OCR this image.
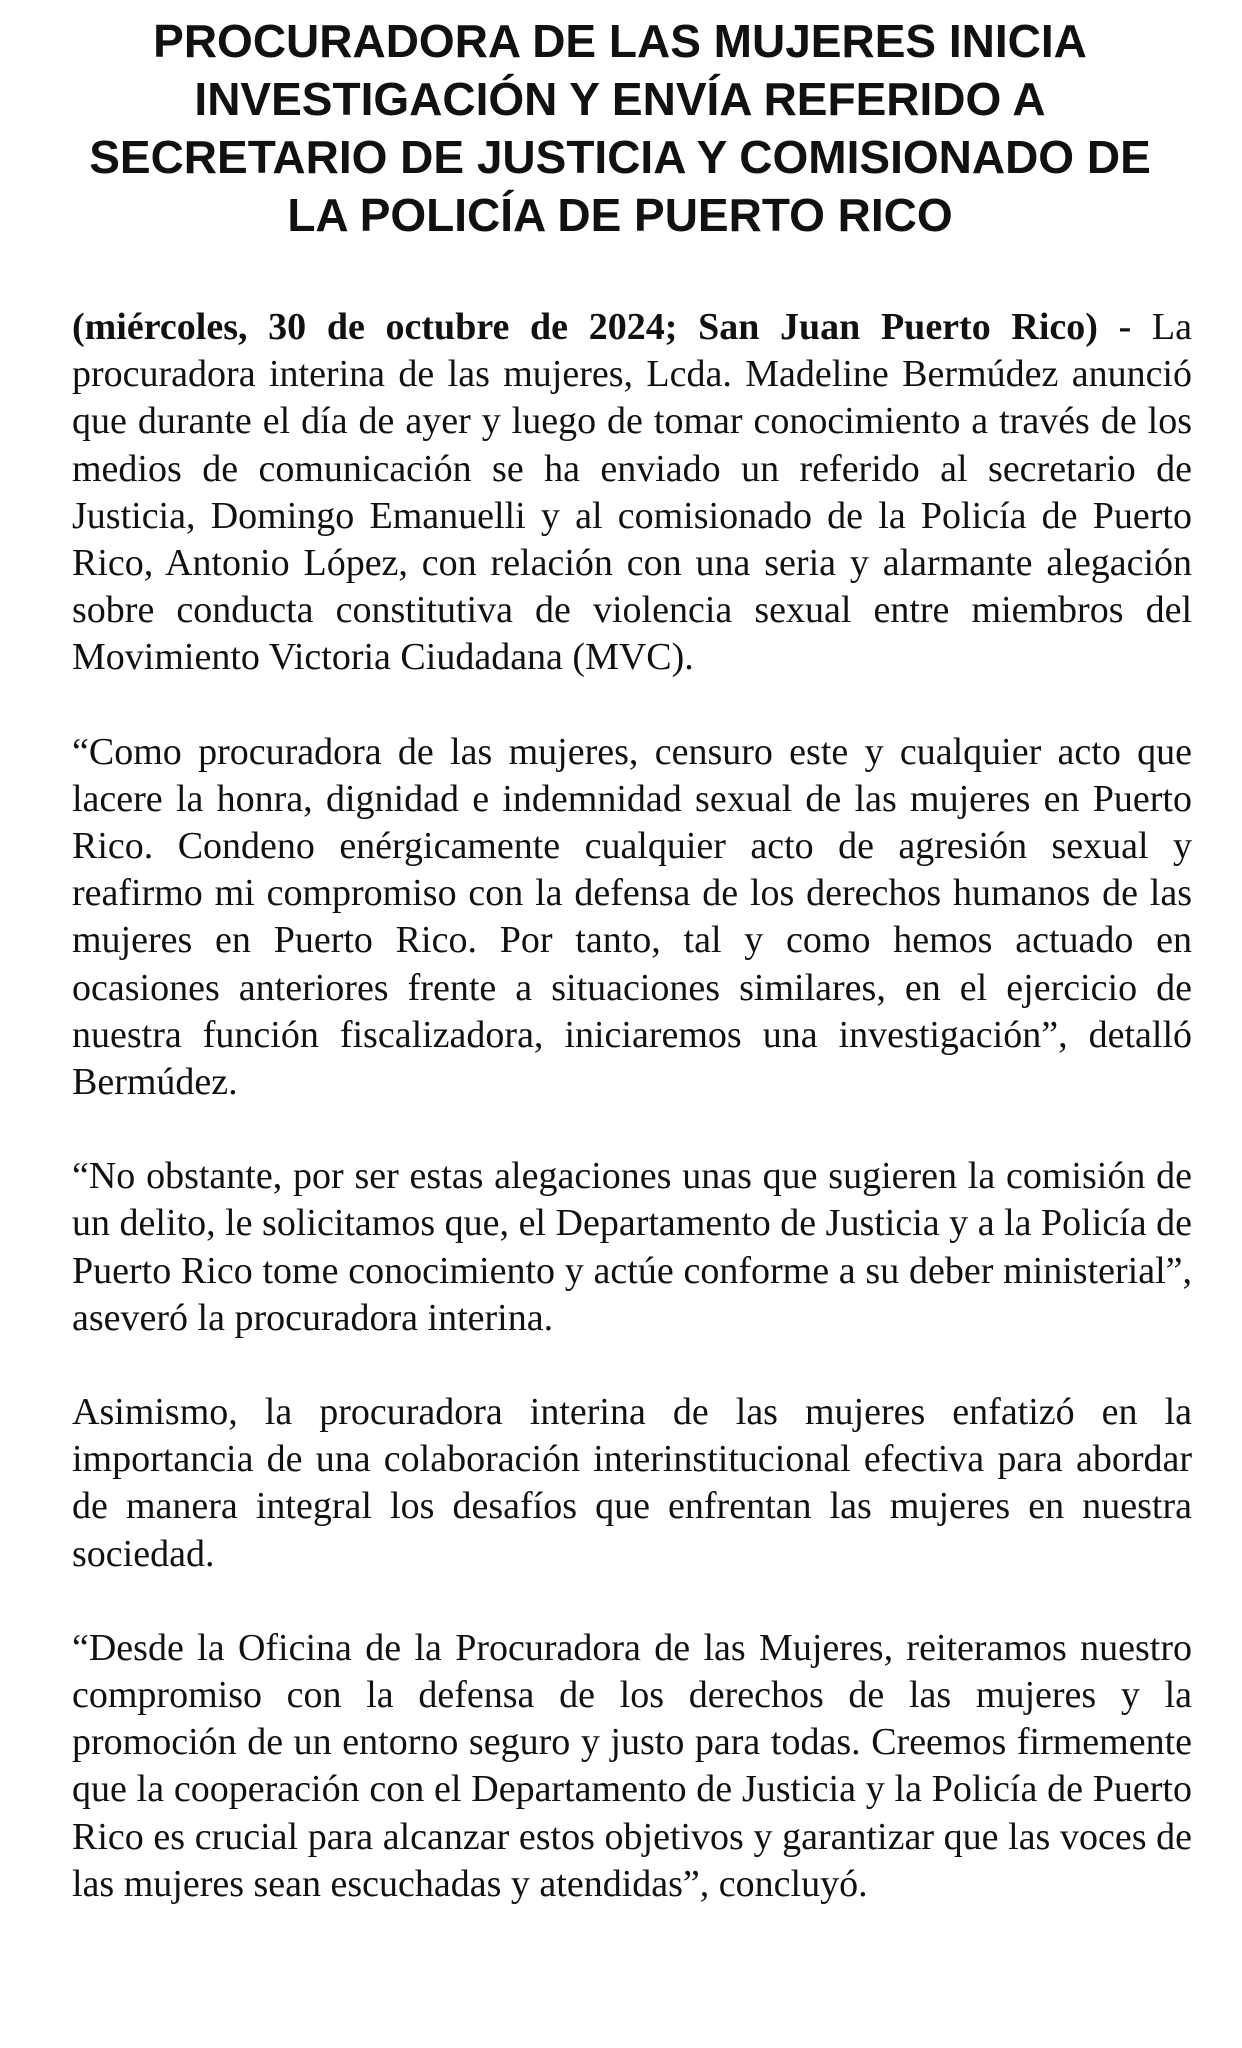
PROCURADORA DE LAS MUJERES INICIA INVESTIGACIÓN Y ENVÍA REFERIDO A SECRETARIO DE JUSTICIA Y COMISIONADO DE LA POLICÍA DE PUERTO RICO

(miércoles, 30 de octubre de 2024; San Juan Puerto Rico) - La procuradora interina de las mujeres, Lcda. Madeline Bermúdez anunció que durante el día de ayer y luego de tomar conocimiento a través de los medios de comunicación se ha enviado un referido al secretario de Justicia, Domingo Emanuelli y al comisionado de la Policía de Puerto Rico, Antonio López, con relación con una seria y alarmante alegación sobre conducta constitutiva de violencia sexual entre miembros del Movimiento Victoria Ciudadana (MVC).

“Como procuradora de las mujeres, censuro este y cualquier acto que lacere la honra, dignidad e indemnidad sexual de las mujeres en Puerto Rico. Condeno enérgicamente cualquier acto de agresión sexual y reafirmo mi compromiso con la defensa de los derechos humanos de las mujeres en Puerto Rico. Por tanto, tal y como hemos actuado en ocasiones anteriores frente a situaciones similares, en el ejercicio de nuestra función fiscalizadora, iniciaremos una investigación”, detalló Bermúdez.

“No obstante, por ser estas alegaciones unas que sugieren la comisión de un delito, le solicitamos que, el Departamento de Justicia y a la Policía de Puerto Rico tome conocimiento y actúe conforme a su deber ministerial”, aseveró la procuradora interina.

Asimismo, la procuradora interina de las mujeres enfatizó en la importancia de una colaboración interinstitucional efectiva para abordar de manera integral los desafíos que enfrentan las mujeres en nuestra sociedad.

“Desde la Oficina de la Procuradora de las Mujeres, reiteramos nuestro compromiso con la defensa de los derechos de las mujeres y la promoción de un entorno seguro y justo para todas. Creemos firmemente que la cooperación con el Departamento de Justicia y la Policía de Puerto Rico es crucial para alcanzar estos objetivos y garantizar que las voces de las mujeres sean escuchadas y atendidas”, concluyó.
